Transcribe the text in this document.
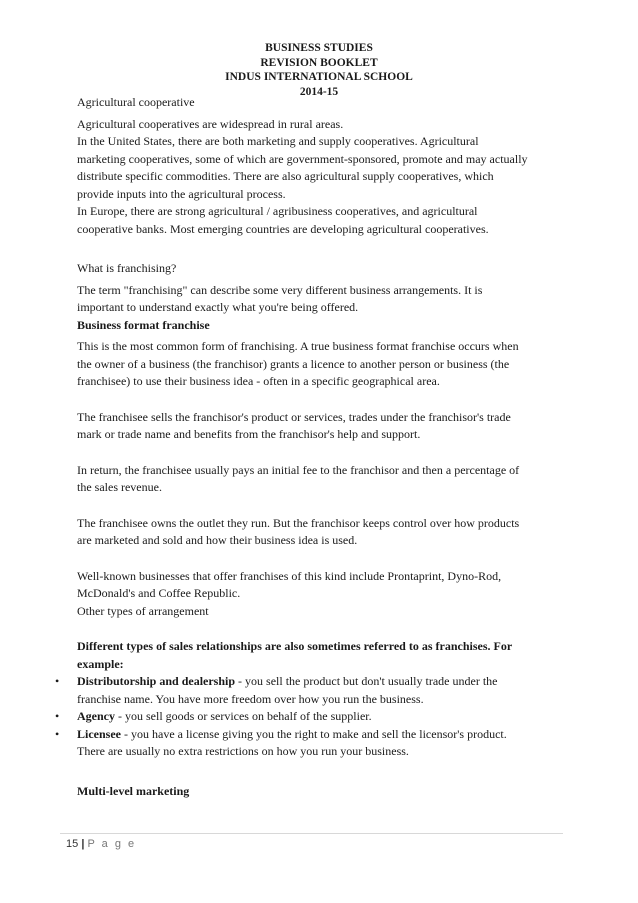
BUSINESS STUDIES
REVISION BOOKLET
INDUS INTERNATIONAL SCHOOL
2014-15

Agricultural cooperative

Agricultural cooperatives are widespread in rural areas.

In the United States, there are both marketing and supply cooperatives. Agricultural

marketing cooperatives, some of which are government-sponsored, promote and may actually

distribute specific commodities. There are also agricultural supply cooperatives, which

provide inputs into the agricultural process.

In Europe, there are strong agricultural / agribusiness cooperatives, and agricultural

cooperative banks. Most emerging countries are developing agricultural cooperatives.

What is franchising?

The term "franchising" can describe some very different business arrangements. It is

important to understand exactly what you're being offered.

Business format franchise

This is the most common form of franchising. A true business format franchise occurs when

the owner of a business (the franchisor) grants a licence to another person or business (the

franchisee) to use their business idea - often in a specific geographical area.

The franchisee sells the franchisor's product or services, trades under the franchisor's trade

mark or trade name and benefits from the franchisor's help and support.

In return, the franchisee usually pays an initial fee to the franchisor and then a percentage of

the sales revenue.

The franchisee owns the outlet they run. But the franchisor keeps control over how products

are marketed and sold and how their business idea is used.

Well-known businesses that offer franchises of this kind include Prontaprint, Dyno-Rod,

McDonald's and Coffee Republic.

Other types of arrangement

Different types of sales relationships are also sometimes referred to as franchises. For

example:

• Distributorship and dealership - you sell the product but don't usually trade under the

franchise name. You have more freedom over how you run the business.

• Agency - you sell goods or services on behalf of the supplier.

• Licensee - you have a license giving you the right to make and sell the licensor's product.

There are usually no extra restrictions on how you run your business.

Multi-level marketing

15 | P a g e
